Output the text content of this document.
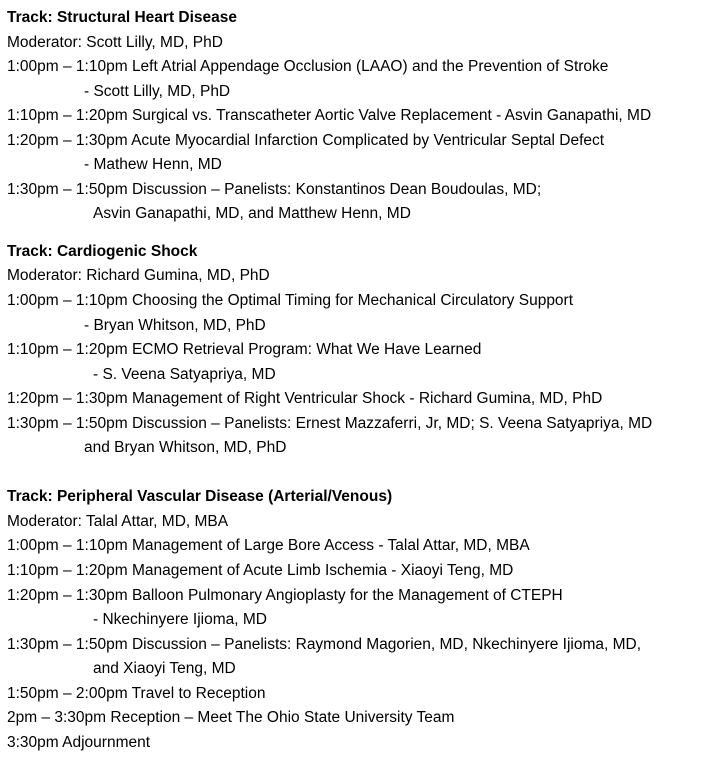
Track: Structural Heart Disease
Moderator: Scott Lilly, MD, PhD
1:00pm – 1:10pm Left Atrial Appendage Occlusion (LAAO) and the Prevention of Stroke
- Scott Lilly, MD, PhD
1:10pm – 1:20pm Surgical vs. Transcatheter Aortic Valve Replacement - Asvin Ganapathi, MD
1:20pm – 1:30pm Acute Myocardial Infarction Complicated by Ventricular Septal Defect
- Mathew Henn, MD
1:30pm – 1:50pm Discussion – Panelists: Konstantinos Dean Boudoulas, MD;
Asvin Ganapathi, MD, and Matthew Henn, MD
Track: Cardiogenic Shock
Moderator: Richard Gumina, MD, PhD
1:00pm – 1:10pm Choosing the Optimal Timing for Mechanical Circulatory Support
- Bryan Whitson, MD, PhD
1:10pm – 1:20pm ECMO Retrieval Program: What We Have Learned
- S. Veena Satyapriya, MD
1:20pm – 1:30pm Management of Right Ventricular Shock - Richard Gumina, MD, PhD
1:30pm – 1:50pm Discussion – Panelists: Ernest Mazzaferri, Jr, MD; S. Veena Satyapriya, MD
and Bryan Whitson, MD, PhD
Track: Peripheral Vascular Disease (Arterial/Venous)
Moderator: Talal Attar, MD, MBA
1:00pm – 1:10pm Management of Large Bore Access - Talal Attar, MD, MBA
1:10pm – 1:20pm Management of Acute Limb Ischemia - Xiaoyi Teng, MD
1:20pm – 1:30pm Balloon Pulmonary Angioplasty for the Management of CTEPH
- Nkechinyere Ijioma, MD
1:30pm – 1:50pm Discussion – Panelists: Raymond Magorien, MD, Nkechinyere Ijioma, MD,
and Xiaoyi Teng, MD
1:50pm – 2:00pm Travel to Reception
2pm – 3:30pm Reception – Meet The Ohio State University Team
3:30pm Adjournment
